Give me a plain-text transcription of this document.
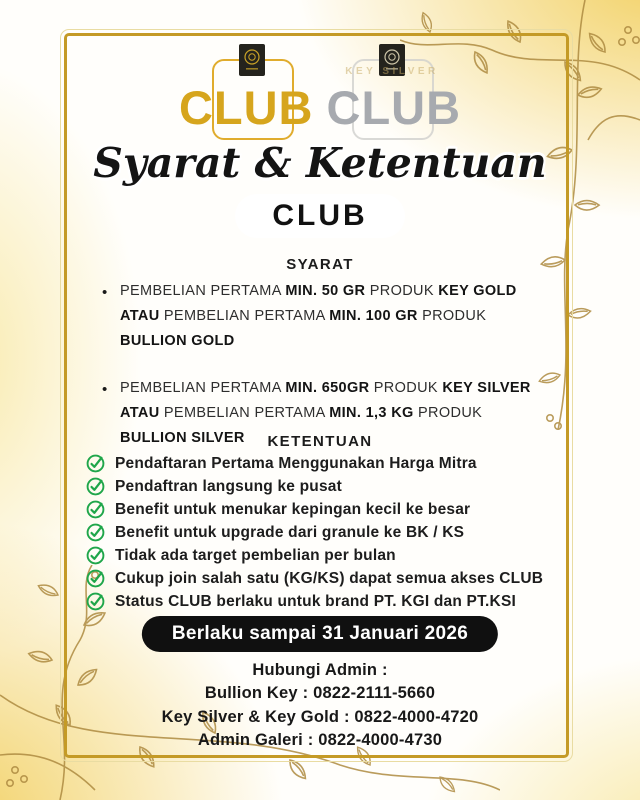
KEY SILVER
CLUB CLUB
Syarat & Ketentuan
CLUB
SYARAT
• PEMBELIAN PERTAMA MIN. 50 GR PRODUK KEY GOLD ATAU PEMBELIAN PERTAMA MIN. 100 GR PRODUK BULLION GOLD
• PEMBELIAN PERTAMA MIN. 650GR PRODUK KEY SILVER ATAU PEMBELIAN PERTAMA MIN. 1,3 KG PRODUK BULLION SILVER	KETENTUAN
Pendaftaran Pertama Menggunakan Harga Mitra
Pendaftran langsung ke pusat
Benefit untuk menukar kepingan kecil ke besar
Benefit untuk upgrade dari granule ke BK / KS
Tidak ada target pembelian per bulan
Cukup join salah satu (KG/KS) dapat semua akses CLUB
Status CLUB berlaku untuk brand PT. KGI dan PT.KSI
Berlaku sampai 31 Januari 2026
Hubungi Admin :
Bullion Key : 0822-2111-5660
Key Silver & Key Gold : 0822-4000-4720
Admin Galeri : 0822-4000-4730
